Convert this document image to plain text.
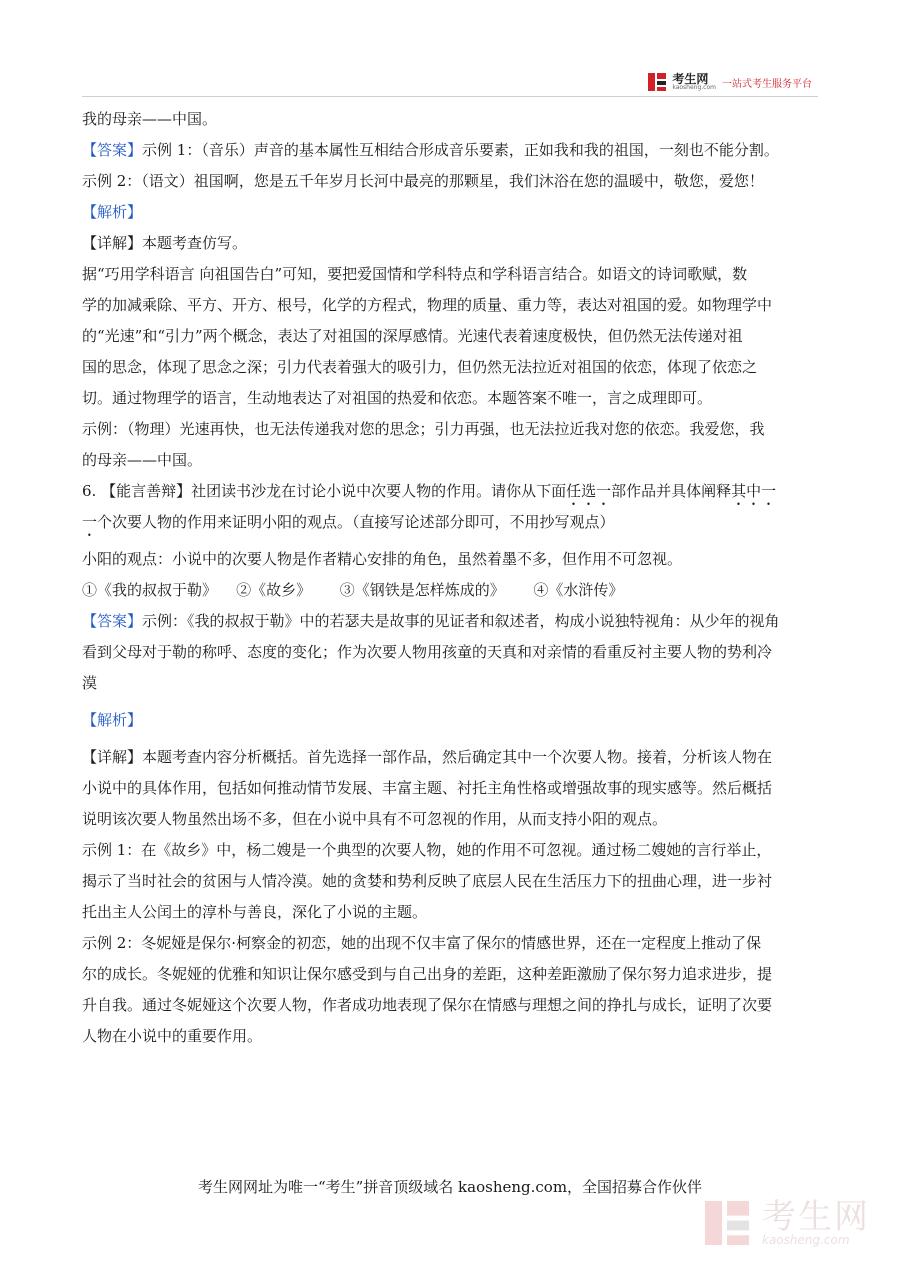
考生网
kaosheng.com 一站式考生服务平台
我的母亲——中国。
【答案】示例 1：（音乐）声音的基本属性互相结合形成音乐要素，正如我和我的祖国，一刻也不能分割。
示例 2：（语文）祖国啊，您是五千年岁月长河中最亮的那颗星，我们沐浴在您的温暖中，敬您，爱您！
【解析】
【详解】本题考查仿写。
据“巧用学科语言 向祖国告白”可知，要把爱国情和学科特点和学科语言结合。如语文的诗词歌赋，数
学的加减乘除、平方、开方、根号，化学的方程式，物理的质量、重力等，表达对祖国的爱。如物理学中
的“光速”和“引力”两个概念，表达了对祖国的深厚感情。光速代表着速度极快，但仍然无法传递对祖
国的思念，体现了思念之深；引力代表着强大的吸引力，但仍然无法拉近对祖国的依恋，体现了依恋之
切。通过物理学的语言，生动地表达了对祖国的热爱和依恋。本题答案不唯一，言之成理即可。
示例：（物理）光速再快，也无法传递我对您的思念；引力再强，也无法拉近我对您的依恋。我爱您，我
的母亲——中国。
6. 【能言善辩】社团读书沙龙在讨论小说中次要人物的作用。请你从下面任选一部作品并具体阐释其中一
一个次要人物的作用来证明小阳的观点。（直接写论述部分即可，不用抄写观点）
小阳的观点：小说中的次要人物是作者精心安排的角色，虽然着墨不多，但作用不可忽视。
①《我的叔叔于勒》 ②《故乡》 ③《钢铁是怎样炼成的》 ④《水浒传》
【答案】示例：《我的叔叔于勒》中的若瑟夫是故事的见证者和叙述者，构成小说独特视角：从少年的视角
看到父母对于勒的称呼、态度的变化；作为次要人物用孩童的天真和对亲情的看重反衬主要人物的势利冷
漠
【解析】
【详解】本题考查内容分析概括。首先选择一部作品，然后确定其中一个次要人物。接着，分析该人物在
小说中的具体作用，包括如何推动情节发展、丰富主题、衬托主角性格或增强故事的现实感等。然后概括
说明该次要人物虽然出场不多，但在小说中具有不可忽视的作用，从而支持小阳的观点。
示例 1：在《故乡》中，杨二嫂是一个典型的次要人物，她的作用不可忽视。通过杨二嫂她的言行举止，
揭示了当时社会的贫困与人情冷漠。她的贪婪和势利反映了底层人民在生活压力下的扭曲心理，进一步衬
托出主人公闰土的淳朴与善良，深化了小说的主题。
示例 2：冬妮娅是保尔·柯察金的初恋，她的出现不仅丰富了保尔的情感世界，还在一定程度上推动了保
尔的成长。冬妮娅的优雅和知识让保尔感受到与自己出身的差距，这种差距激励了保尔努力追求进步，提
升自我。通过冬妮娅这个次要人物，作者成功地表现了保尔在情感与理想之间的挣扎与成长，证明了次要
人物在小说中的重要作用。
考生网网址为唯一“考生”拼音顶级域名 kaosheng.com，全国招募合作伙伴
考生网
kaosheng.com
